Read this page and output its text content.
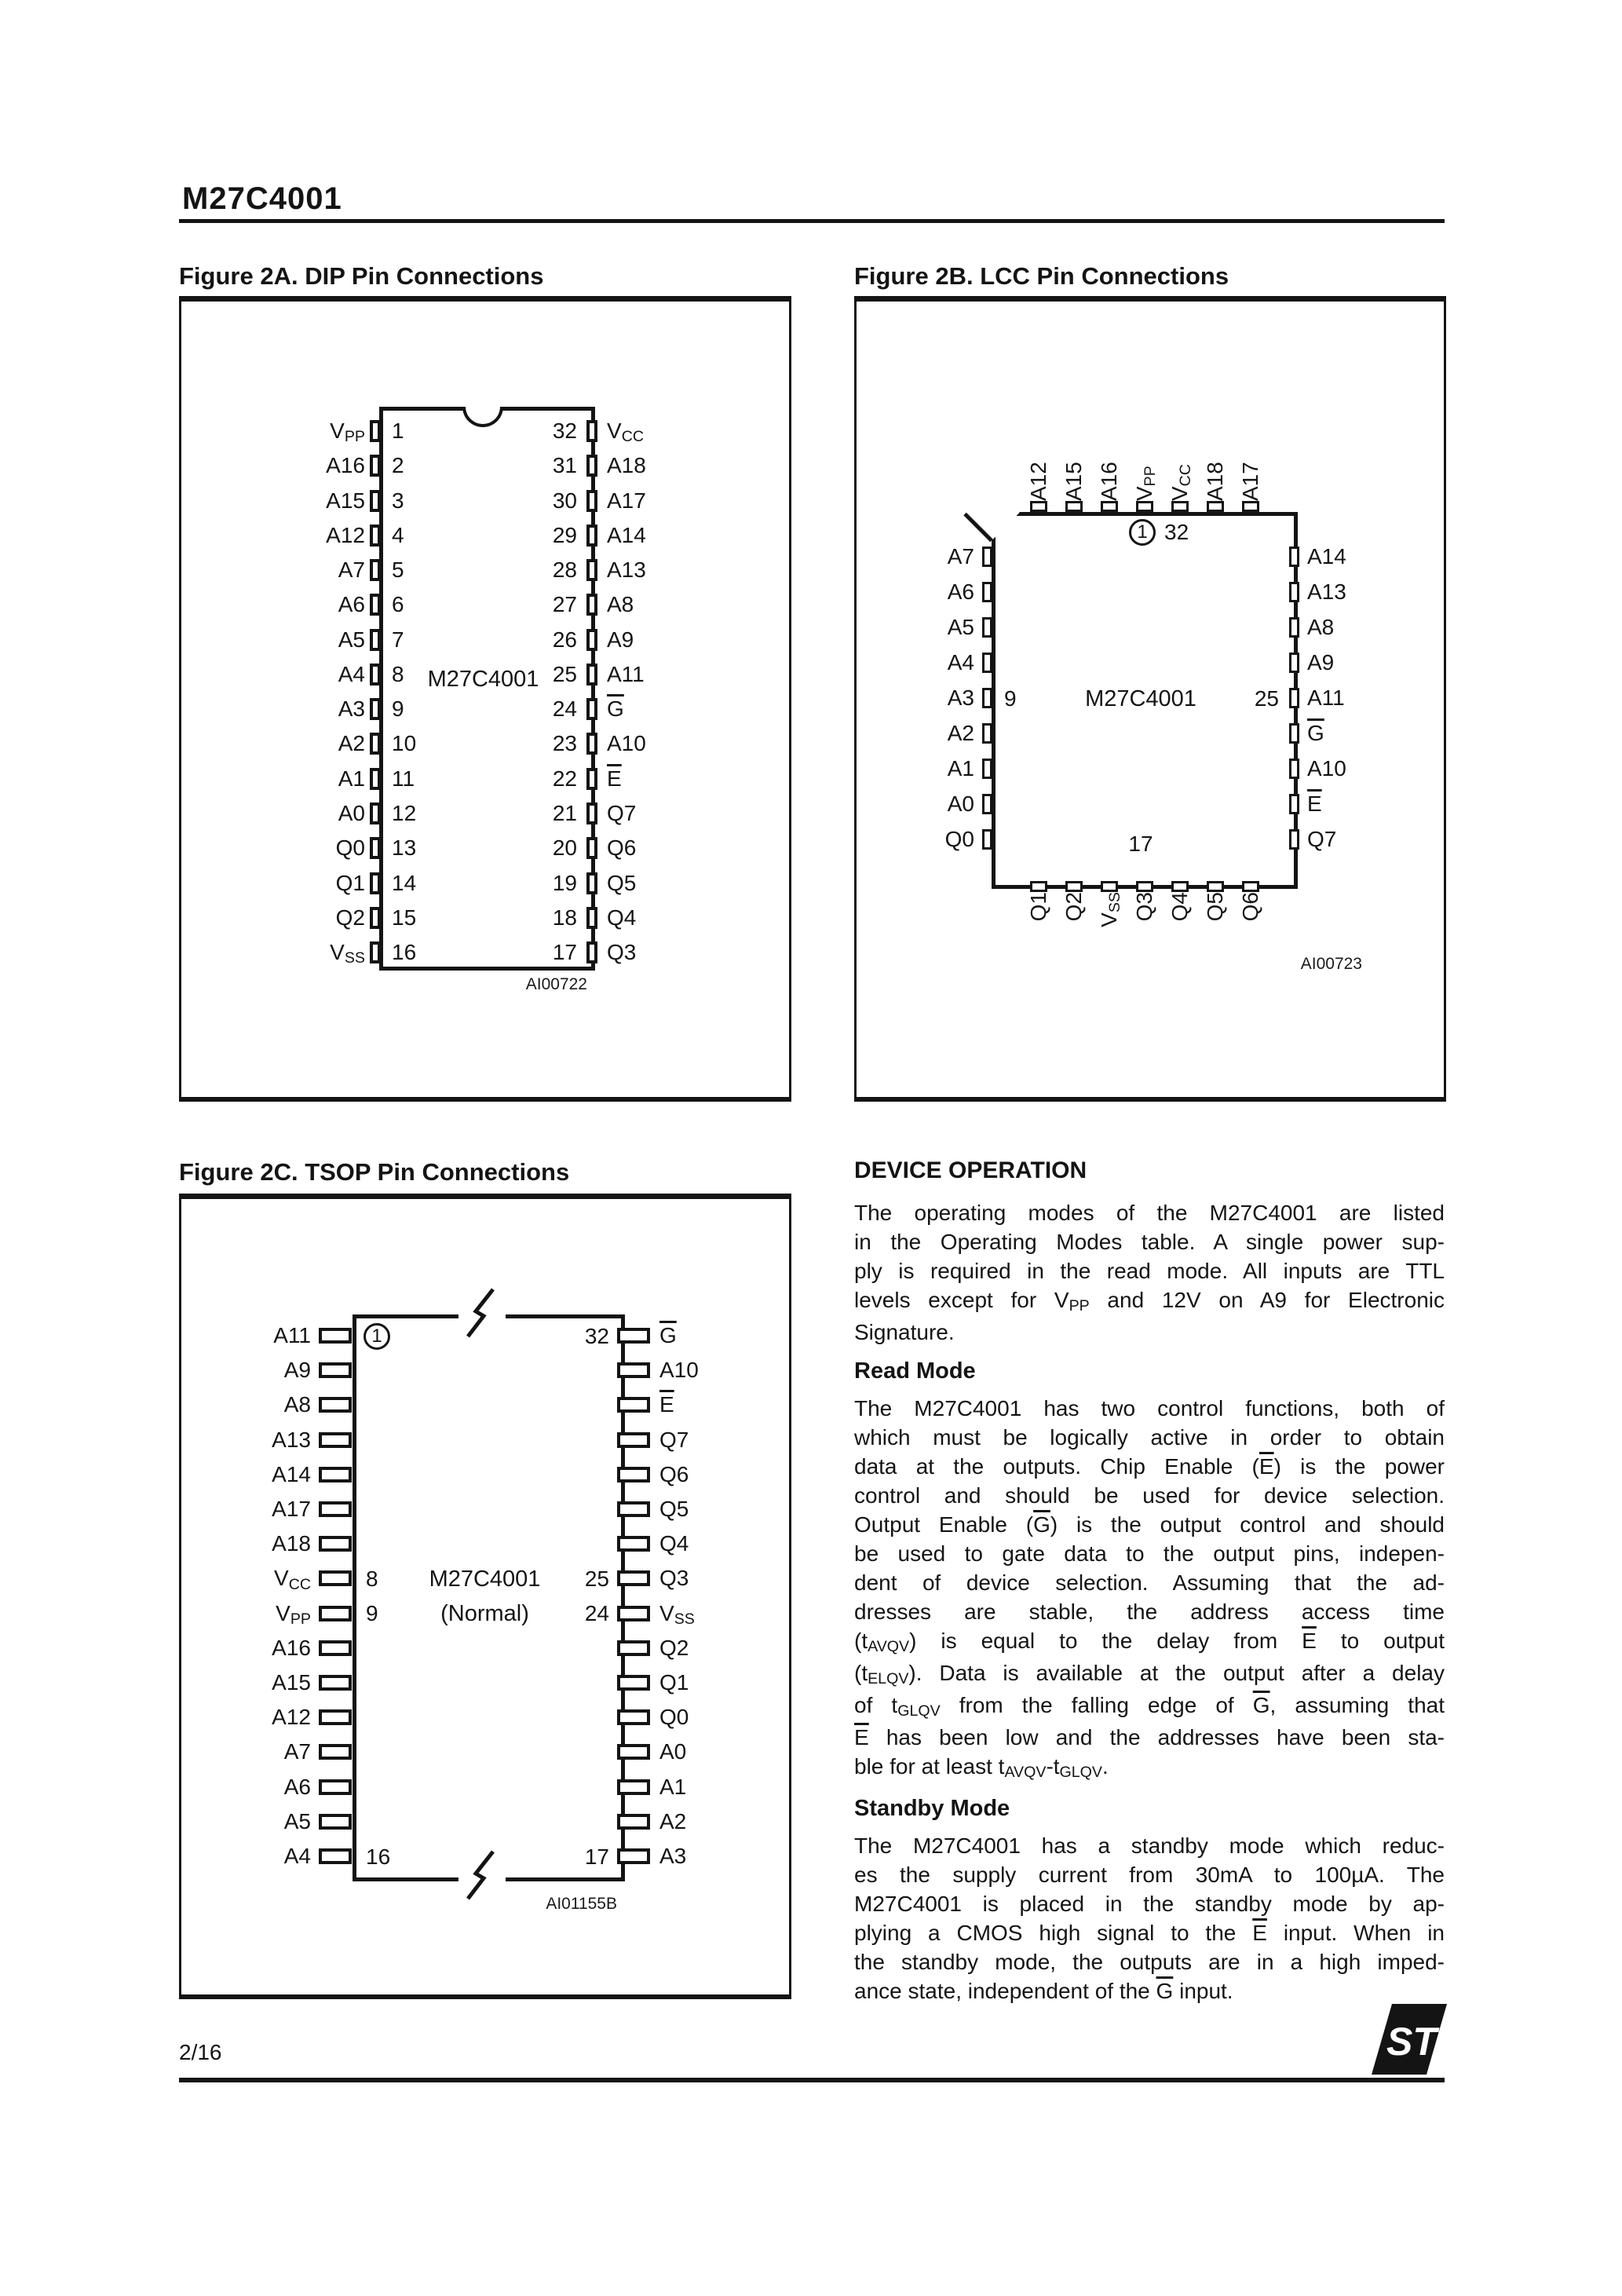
M27C4001
Figure 2A. DIP Pin Connections
M27C4001
AI00722
VPP 1
A16 2
A15 3
A12 4
A7 5
A6 6
A5 7
A4 8
A3 9
A2 10
A1 11
A0 12
Q0 13
Q1 14
Q2 15
VSS 16
32 VCC
31 A18
30 A17
29 A14
28 A13
27 A8
26 A9
25 A11
24 $\overline{G}$
23 A10
22 $\overline{E}$
21 Q7
20 Q6
19 Q5
18 Q4
17 Q3
Figure 2B. LCC Pin Connections
1 32
9	25
17
M27C4001
AI00723
A7
A6
A5
A4
A3
A2
A1
A0
Q0
A14
A13
A8
A9
A11
$\overline{G}$
A10
$\overline{E}$
Q7
A12 A15 A16 VPP
VCC A18 A17
Q1 Q2 VSS Q3 Q4 Q5 Q6
Figure 2C. TSOP Pin Connections
1	32
8
9
25
24
16	17
M27C4001
(Normal)
AI01155B
A11
A9
A8
A13
A14
A17
A18
VCC
VPP
A16
A15
A12
A7
A6
A5
A4
$\overline{G}$
A10
$\overline{E}$
Q7
Q6
Q5
Q4
Q3
VSS
Q2
Q1
Q0
A0
A1
A2
A3
DEVICE OPERATION
The operating modes of the M27C4001 are listed
in the Operating Modes table. A single power sup-
ply is required in the read mode. All inputs are TTL
levels except for VPP and 12V on A9 for Electronic
Signature.
Read Mode
The M27C4001 has two control functions, both of
which must be logically active in order to obtain
data at the outputs. Chip Enable $(\overline{E})$ is the power
control and should be used for device selection.
Output Enable $(\overline{G})$ is the output control and should
be used to gate data to the output pins, indepen-
dent of device selection. Assuming that the ad-
dresses are stable, the address access time
(tAVQV) is equal to the delay from $\overline{E}$ to output
(tELQV). Data is available at the output after a delay
of tGLQV from the falling edge of $\overline{G}$, assuming that
$\overline{E}$ has been low and the addresses have been sta-
ble for at least tAVQV-tGLQV.
Standby Mode
The M27C4001 has a standby mode which reduc-
es the supply current from 30mA to 100µA. The
M27C4001 is placed in the standby mode by ap-
plying a CMOS high signal to the $\overline{E}$ input. When in
the standby mode, the outputs are in a high imped-
ance state, independent of the $\overline{G}$ input.
2/16	ST
